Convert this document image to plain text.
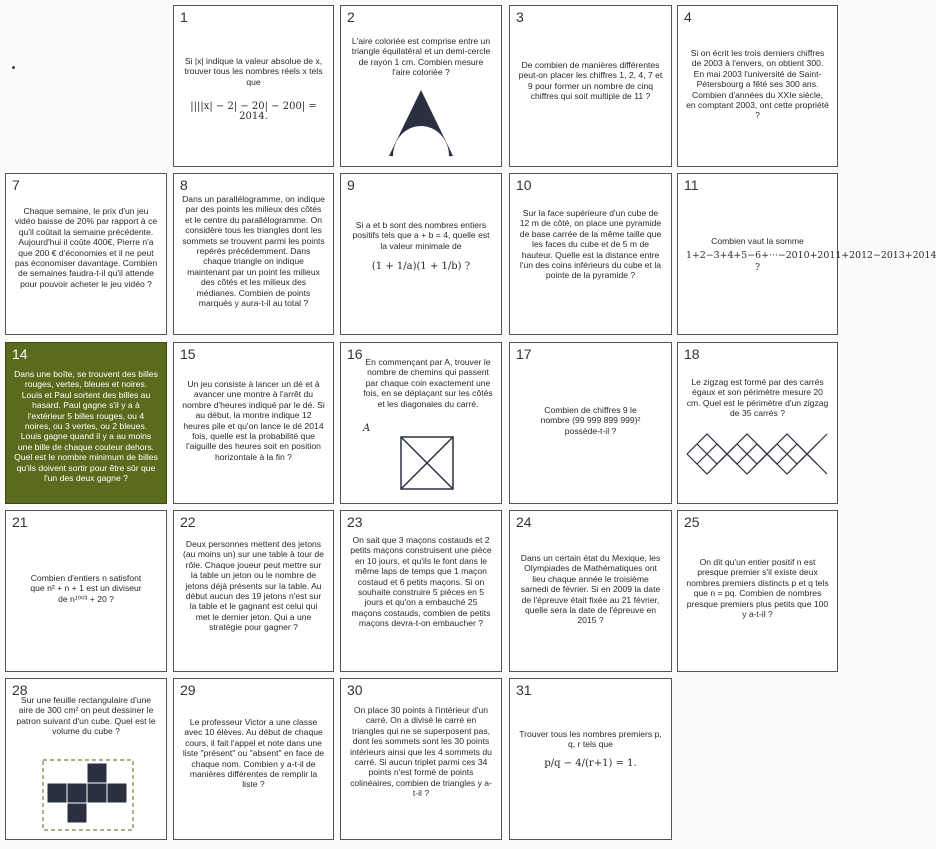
1
Si |x| indique la valeur absolue de x, trouver tous les nombres réels x tels que
||||x| − 2| − 20| − 200| = 2014.
2
L'aire coloriée est comprise entre un triangle équilatéral et un demi-cercle de rayon 1 cm. Combien mesure l'aire coloriée ?
3
De combien de manières différentes peut-on placer les chiffres 1, 2, 4, 7 et 9 pour former un nombre de cinq chiffres qui soit multiple de 11 ?
4
Si on écrit les trois derniers chiffres de 2003 à l'envers, on obtient 300. En mai 2003 l'université de Saint-Pétersbourg a fêté ses 300 ans. Combien d'années du XXIe siècle, en comptant 2003, ont cette propriété ?
7
Chaque semaine, le prix d'un jeu vidéo baisse de 20% par rapport à ce qu'il coûtait la semaine précédente. Aujourd'hui il coûte 400€, Pierre n'a que 200 € d'économies et il ne peut pas économiser davantage. Combien de semaines faudra-t-il qu'il attende pour pouvoir acheter le jeu vidéo ?
8
Dans un parallélogramme, on indique par des points les milieux des côtés et le centre du parallélogramme. On considère tous les triangles dont les sommets se trouvent parmi les points repérés précédemment. Dans chaque triangle on indique maintenant par un point les milieux des côtés et les milieux des médianes. Combien de points marqués y aura-t-il au total ?
9
Si a et b sont des nombres entiers positifs tels que a + b = 4, quelle est la valeur minimale de
(1 + 1/a)(1 + 1/b) ?
10
Sur la face supérieure d'un cube de 12 m de côté, on place une pyramide de base carrée de la même taille que les faces du cube et de 5 m de hauteur. Quelle est la distance entre l'un des coins inférieurs du cube et la pointe de la pyramide ?
11
Combien vaut la somme
1+2−3+4+5−6+···−2010+2011+2012−2013+2014 ?
14
Dans une boîte, se trouvent des billes rouges, vertes, bleues et noires. Louis et Paul sortent des billes au hasard. Paul gagne s'il y a à l'extérieur 5 billes rouges, ou 4 noires, ou 3 vertes, ou 2 bleues. Louis gagne quand il y a au moins une bille de chaque couleur dehors. Quel est le nombre minimum de billes qu'ils doivent sortir pour être sûr que l'un des deux gagne ?
15
Un jeu consiste à lancer un dé et à avancer une montre à l'arrêt du nombre d'heures indiqué par le dé. Si au début, la montre indique 12 heures pile et qu'on lance le dé 2014 fois, quelle est la probabilité que l'aiguille des heures soit en position horizontale à la fin ?
16 En commençant par A, trouver le nombre de chemins qui passent par chaque coin exactement une fois, en se déplaçant sur les côtés et les diagonales du carré.
A
17
Combien de chiffres 9 le nombre (99 999 899 999)² possède-t-il ?
18
Le zigzag est formé par des carrés égaux et son périmètre mesure 20 cm. Quel est le périmètre d'un zigzag de 35 carrés ?
21
Combien d'entiers n satisfont que n² + n + 1 est un diviseur de n¹⁰⁰³ + 20 ?
22
Deux personnes mettent des jetons (au moins un) sur une table à tour de rôle. Chaque joueur peut mettre sur la table un jeton ou le nombre de jetons déjà présents sur la table. Au début aucun des 19 jetons n'est sur la table et le gagnant est celui qui met le dernier jeton. Qui a une stratégie pour gagner ?
23
On sait que 3 maçons costauds et 2 petits maçons construisent une pièce en 10 jours, et qu'ils le font dans le même laps de temps que 1 maçon costaud et 6 petits maçons. Si on souhaite construire 5 pièces en 5 jours et qu'on a embauché 25 maçons costauds, combien de petits maçons devra-t-on embaucher ?
24
Dans un certain état du Mexique, les Olympiades de Mathématiques ont lieu chaque année le troisième samedi de février. Si en 2009 la date de l'épreuve était fixée au 21 février, quelle sera la date de l'épreuve en 2015 ?
25
On dit qu'un entier positif n est presque premier s'il existe deux nombres premiers distincts p et q tels que n = pq. Combien de nombres presque premiers plus petits que 100 y a-t-il ?
28
Sur une feuille rectangulaire d'une aire de 300 cm² on peut dessiner le patron suivant d'un cube. Quel est le volume du cube ?
29
Le professeur Victor a une classe avec 10 élèves. Au début de chaque cours, il fait l'appel et note dans une liste "présent" ou "absent" en face de chaque nom. Combien y a-t-il de manières différentes de remplir la liste ?
30
On place 30 points à l'intérieur d'un carré. On a divisé le carré en triangles qui ne se superposent pas, dont les sommets sont les 30 points intérieurs ainsi que les 4 sommets du carré. Si aucun triplet parmi ces 34 points n'est formé de points colinéaires, combien de triangles y a-t-il ?
31
Trouver tous les nombres premiers p, q, r tels que
p/q − 4/(r+1) = 1.
